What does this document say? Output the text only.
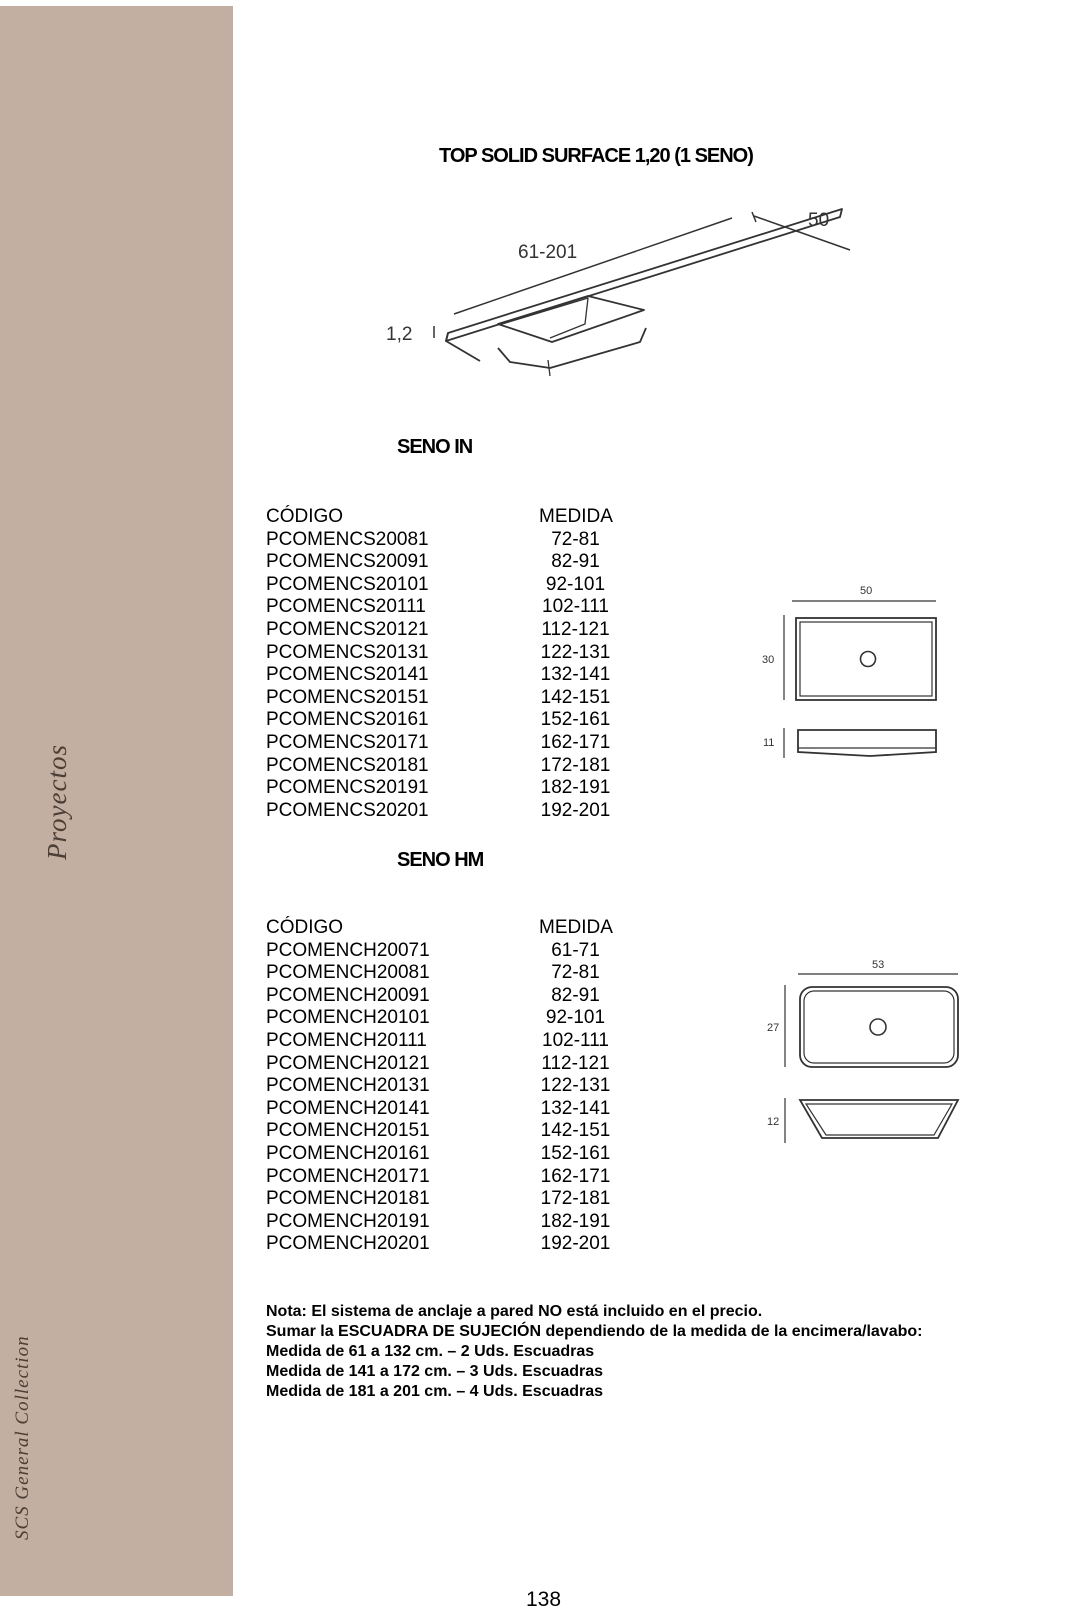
Proyectos
SCS General Collection
TOP SOLID SURFACE 1,20 (1 SENO)
61-201
50
1,2
SENO IN
CÓDIGO	MEDIDA
PCOMENCS20081	72-81
PCOMENCS20091	82-91
PCOMENCS20101	92-101
PCOMENCS20111	102-111
PCOMENCS20121	112-121
PCOMENCS20131	122-131
PCOMENCS20141	132-141
PCOMENCS20151	142-151
PCOMENCS20161	152-161
PCOMENCS20171	162-171
PCOMENCS20181	172-181
PCOMENCS20191	182-191
PCOMENCS20201	192-201
50
30
11
SENO HM
CÓDIGO	MEDIDA
PCOMENCH20071	61-71
PCOMENCH20081	72-81
PCOMENCH20091	82-91
PCOMENCH20101	92-101
PCOMENCH20111	102-111
PCOMENCH20121	112-121
PCOMENCH20131	122-131
PCOMENCH20141	132-141
PCOMENCH20151	142-151
PCOMENCH20161	152-161
PCOMENCH20171	162-171
PCOMENCH20181	172-181
PCOMENCH20191	182-191
PCOMENCH20201	192-201
53
27
12
Nota: El sistema de anclaje a pared NO está incluido en el precio.
Sumar la ESCUADRA DE SUJECIÓN dependiendo de la medida de la encimera/lavabo:
Medida de 61 a 132 cm. – 2 Uds. Escuadras
Medida de 141 a 172 cm. – 3 Uds. Escuadras
Medida de 181 a 201 cm. – 4 Uds. Escuadras
138
